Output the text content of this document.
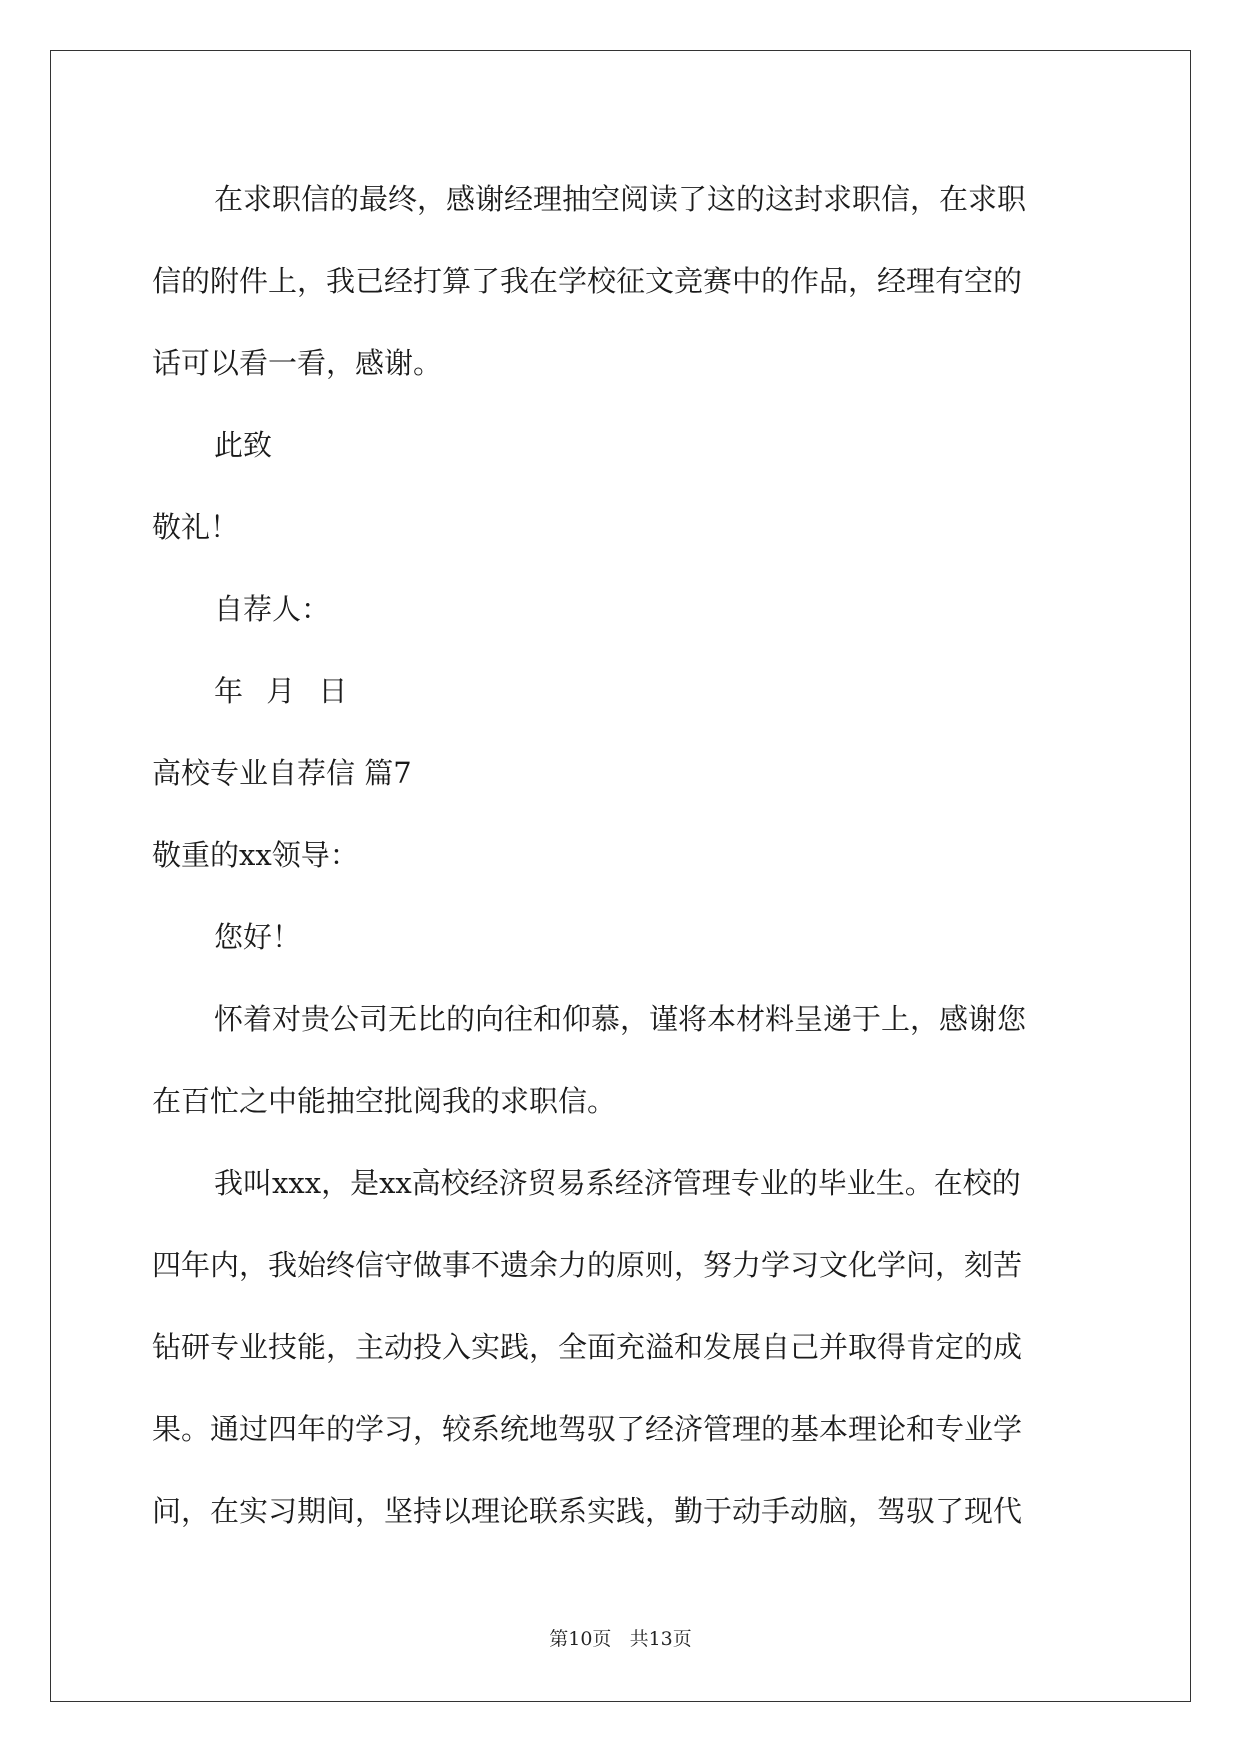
在求职信的最终，感谢经理抽空阅读了这的这封求职信，在求职
信的附件上，我已经打算了我在学校征文竞赛中的作品，经理有空的
话可以看一看，感谢。
此致
敬礼！
自荐人：
年 月 日
高校专业自荐信 篇7
敬重的xx领导：
您好！
怀着对贵公司无比的向往和仰慕，谨将本材料呈递于上，感谢您
在百忙之中能抽空批阅我的求职信。
我叫xxx，是xx高校经济贸易系经济管理专业的毕业生。在校的
四年内，我始终信守做事不遗余力的原则，努力学习文化学问，刻苦
钻研专业技能，主动投入实践，全面充溢和发展自己并取得肯定的成
果。通过四年的学习，较系统地驾驭了经济管理的基本理论和专业学
问，在实习期间，坚持以理论联系实践，勤于动手动脑，驾驭了现代
第10页 共13页
